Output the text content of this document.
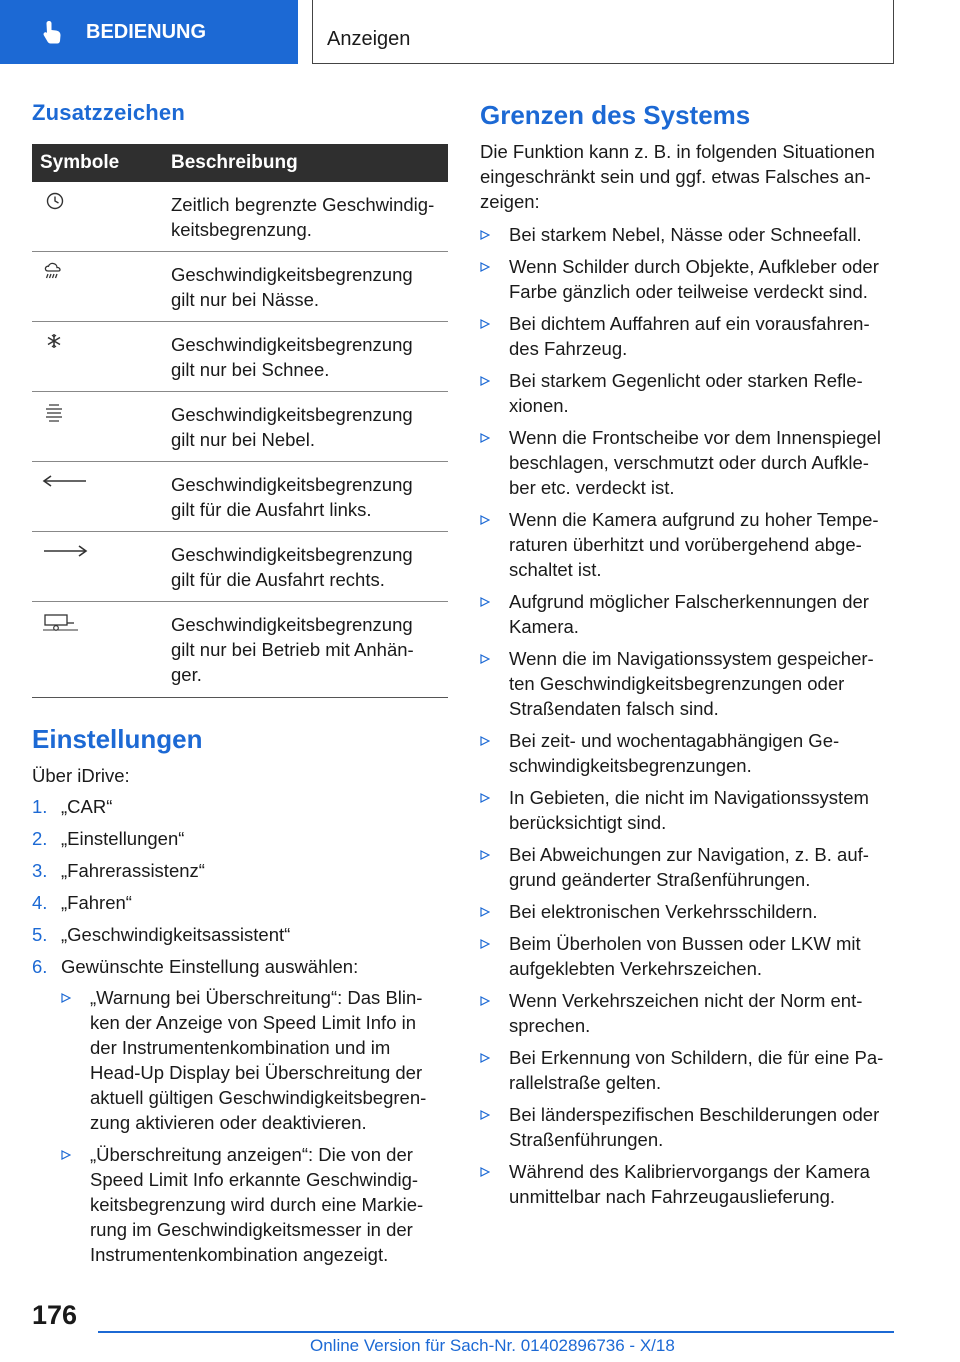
BEDIENUNG	Anzeigen
Zusatzzeichen
Symbole	Beschreibung

	Zeitlich begrenzte Geschwindig-
keitsbegrenzung.

	Geschwindigkeitsbegrenzung
gilt nur bei Nässe.

	Geschwindigkeitsbegrenzung
gilt nur bei Schnee.

	Geschwindigkeitsbegrenzung
gilt nur bei Nebel.

	Geschwindigkeitsbegrenzung
gilt für die Ausfahrt links.

	Geschwindigkeitsbegrenzung
gilt für die Ausfahrt rechts.

	Geschwindigkeitsbegrenzung
gilt nur bei Betrieb mit Anhän-
ger.
Einstellungen

Über iDrive:

1. „CAR“
2. „Einstellungen“
3. „Fahrerassistenz“
4. „Fahren“
5. „Geschwindigkeitsassistent“
6. Gewünschte Einstellung auswählen:
„Warnung bei Überschreitung“: Das Blin-
ken der Anzeige von Speed Limit Info in
der Instrumentenkombination und im
Head-Up Display bei Überschreitung der
aktuell gültigen Geschwindigkeitsbegren-
zung aktivieren oder deaktivieren.
„Überschreitung anzeigen“: Die von der
Speed Limit Info erkannte Geschwindig-
keitsbegrenzung wird durch eine Markie-
rung im Geschwindigkeitsmesser in der
Instrumentenkombination angezeigt.
Grenzen des Systems

Die Funktion kann z. B. in folgenden Situationen
eingeschränkt sein und ggf. etwas Falsches an-
zeigen:

Bei starkem Nebel, Nässe oder Schneefall.
Wenn Schilder durch Objekte, Aufkleber oder
Farbe gänzlich oder teilweise verdeckt sind.
Bei dichtem Auffahren auf ein vorausfahren-
des Fahrzeug.
Bei starkem Gegenlicht oder starken Refle-
xionen.
Wenn die Frontscheibe vor dem Innenspiegel
beschlagen, verschmutzt oder durch Aufkle-
ber etc. verdeckt ist.
Wenn die Kamera aufgrund zu hoher Tempe-
raturen überhitzt und vorübergehend abge-
schaltet ist.
Aufgrund möglicher Falscherkennungen der
Kamera.
Wenn die im Navigationssystem gespeicher-
ten Geschwindigkeitsbegrenzungen oder
Straßendaten falsch sind.
Bei zeit- und wochentagabhängigen Ge-
schwindigkeitsbegrenzungen.
In Gebieten, die nicht im Navigationssystem
berücksichtigt sind.
Bei Abweichungen zur Navigation, z. B. auf-
grund geänderter Straßenführungen.
Bei elektronischen Verkehrsschildern.
Beim Überholen von Bussen oder LKW mit
aufgeklebten Verkehrszeichen.
Wenn Verkehrszeichen nicht der Norm ent-
sprechen.
Bei Erkennung von Schildern, die für eine Pa-
rallelstraße gelten.
Bei länderspezifischen Beschilderungen oder
Straßenführungen.
Während des Kalibriervorgangs der Kamera
unmittelbar nach Fahrzeugauslieferung.
176
Online Version für Sach-Nr. 01402896736 - X/18
